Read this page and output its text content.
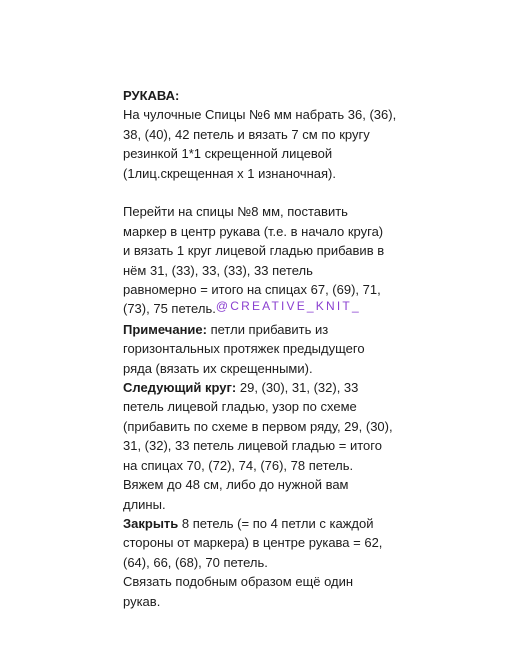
РУКАВА:
На чулочные Спицы №6 мм набрать 36, (36),
38, (40), 42 петель и вязать 7 см по кругу
резинкой 1*1 скрещенной лицевой
(1лиц.скрещенная х 1 изнаночная).
Перейти на спицы №8 мм, поставить
маркер в центр рукава (т.е. в начало круга)
и вязать 1 круг лицевой гладью прибавив в
нём 31, (33), 33, (33), 33 петель
равномерно = итого на спицах 67, (69), 71,
(73), 75 петель.@CREATIVE_KNIT_
Примечание: петли прибавить из
горизонтальных протяжек предыдущего
ряда (вязать их скрещенными).
Следующий круг: 29, (30), 31, (32), 33
петель лицевой гладью, узор по схеме
(прибавить по схеме в первом ряду, 29, (30),
31, (32), 33 петель лицевой гладью = итого
на спицах 70, (72), 74, (76), 78 петель.
Вяжем до 48 см, либо до нужной вам
длины.
Закрыть 8 петель (= по 4 петли с каждой
стороны от маркера) в центре рукава = 62,
(64), 66, (68), 70 петель.
Связать подобным образом ещё один
рукав.
